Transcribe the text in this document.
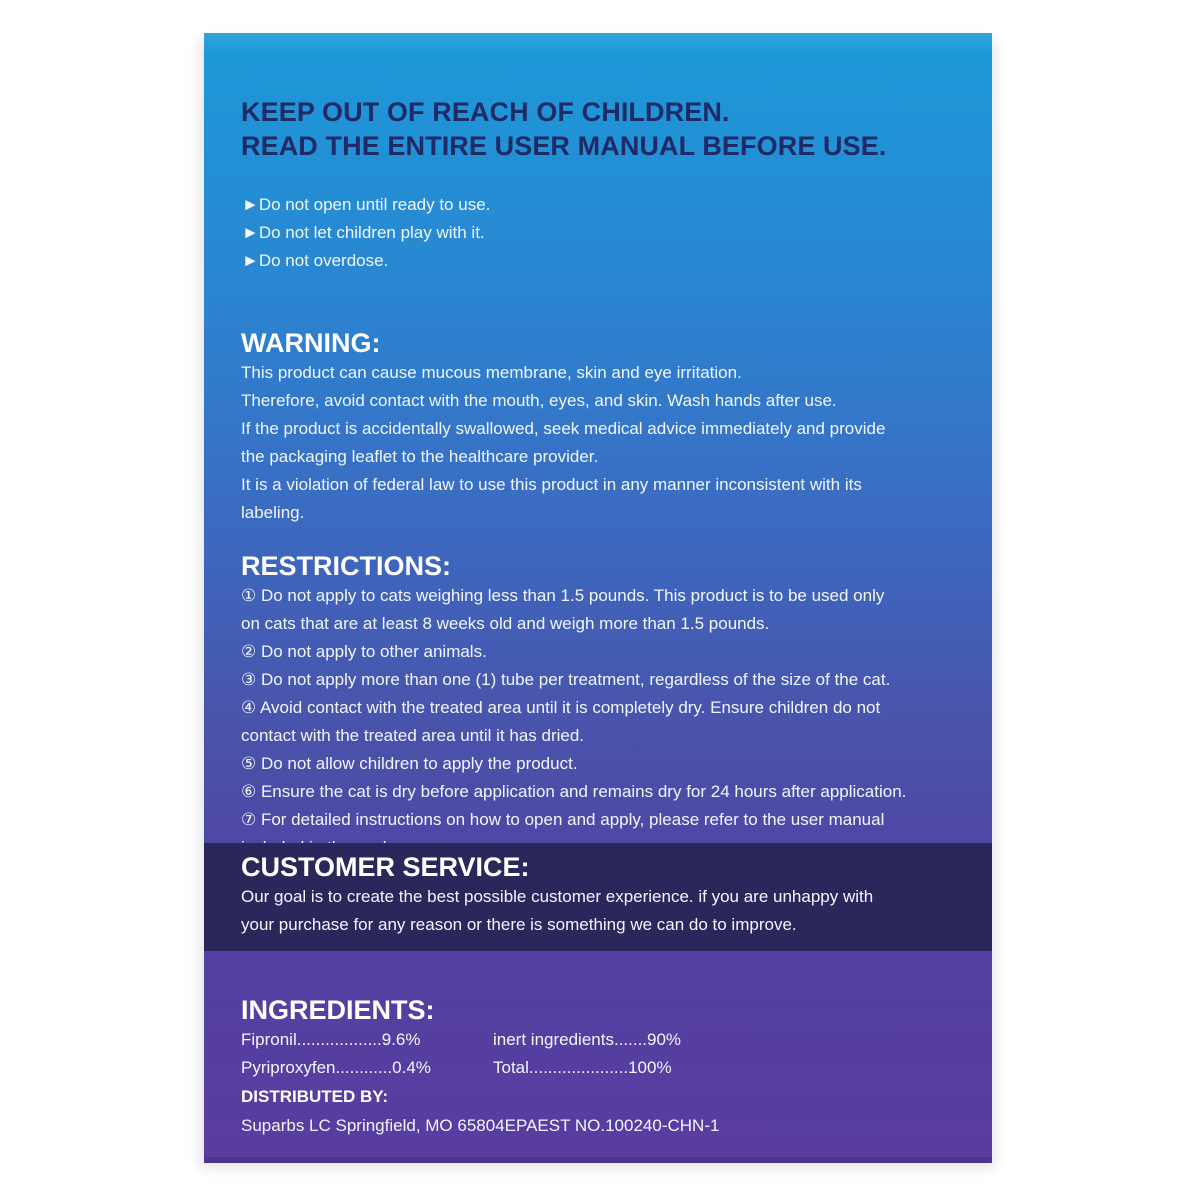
KEEP OUT OF REACH OF CHILDREN.
READ THE ENTIRE USER MANUAL BEFORE USE.
►Do not open until ready to use.
►Do not let children play with it.
►Do not overdose.
WARNING:

This product can cause mucous membrane, skin and eye irritation.

Therefore, avoid contact with the mouth, eyes, and skin. Wash hands after use.

If the product is accidentally swallowed, seek medical advice immediately and provide

the packaging leaflet to the healthcare provider.

It is a violation of federal law to use this product in any manner inconsistent with its

labeling.

RESTRICTIONS:

① Do not apply to cats weighing less than 1.5 pounds. This product is to be used only

on cats that are at least 8 weeks old and weigh more than 1.5 pounds.

② Do not apply to other animals.

③ Do not apply more than one (1) tube per treatment, regardless of the size of the cat.

④ Avoid contact with the treated area until it is completely dry. Ensure children do not

contact with the treated area until it has dried.

⑤ Do not allow children to apply the product.

⑥ Ensure the cat is dry before application and remains dry for 24 hours after application.

⑦ For detailed instructions on how to open and apply, please refer to the user manual

CUSTOMER SERVICE:

Our goal is to create the best possible customer experience. if you are unhappy with

your purchase for any reason or there is something we can do to improve.

INGREDIENTS:
Fipronil..................9.6%
Pyriproxyfen............0.4%
inert ingredients.......90%
Total.....................100%
DISTRIBUTED BY:

Suparbs LC Springfield, MO 65804EPAEST NO.100240-CHN-1
